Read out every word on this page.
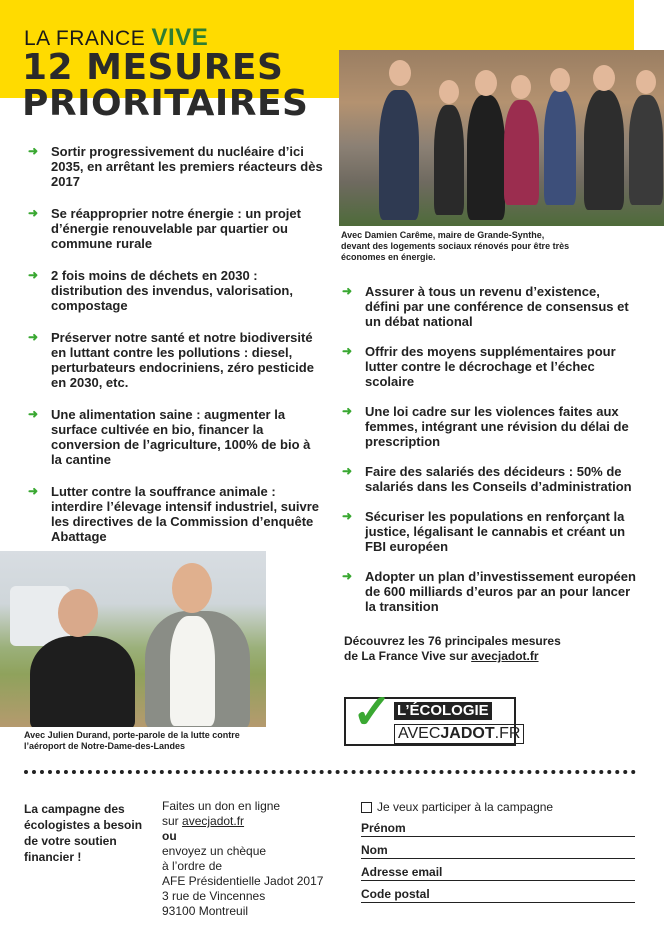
LA FRANCE VIVE
12 MESURES
PRIORITAIRES
Avec Damien Carême, maire de Grande-Synthe, devant des logements sociaux rénovés pour être très économes en énergie.
➜ Sortir progressivement du nucléaire d’ici 2035, en arrêtant les premiers réacteurs dès 2017
➜ Se réapproprier notre énergie : un projet d’énergie renouvelable par quartier ou commune rurale
➜ 2 fois moins de déchets en 2030 : distribution des invendus, valorisation, compostage
➜ Préserver notre santé et notre biodiversité en luttant contre les pollutions : diesel, perturbateurs endocriniens, zéro pesticide en 2030, etc.
➜ Une alimentation saine : augmenter la surface cultivée en bio, financer la conversion de l’agriculture, 100% de bio à la cantine
➜ Lutter contre la souffrance animale : interdire l’élevage intensif industriel, suivre les directives de la Commission d’enquête Abattage
➜ Assurer à tous un revenu d’existence, défini par une conférence de consensus et un débat national
➜ Offrir des moyens supplémentaires pour lutter contre le décrochage et l’échec scolaire
➜ Une loi cadre sur les violences faites aux femmes, intégrant une révision du délai de prescription
➜ Faire des salariés des décideurs : 50% de salariés dans les Conseils d’administration
➜ Sécuriser les populations en renforçant la justice, légalisant le cannabis et créant un FBI européen
➜ Adopter un plan d’investissement européen de 600 milliards d’euros par an pour lancer la transition
Découvrez les 76 principales mesures
de La France Vive sur avecjadot.fr
Avec Julien Durand, porte-parole de la lutte contre l’aéroport de Notre-Dame-des-Landes
✓ L’ÉCOLOGIE
AVECJADOT.FR
La campagne des écologistes a besoin de votre soutien financier !
Faites un don en ligne
sur avecjadot.fr
ou
envoyez un chèque
à l’ordre de
AFE Présidentielle Jadot 2017
3 rue de Vincennes
93100 Montreuil
Je veux participer à la campagne
Prénom
Nom
Adresse email
Code postal
